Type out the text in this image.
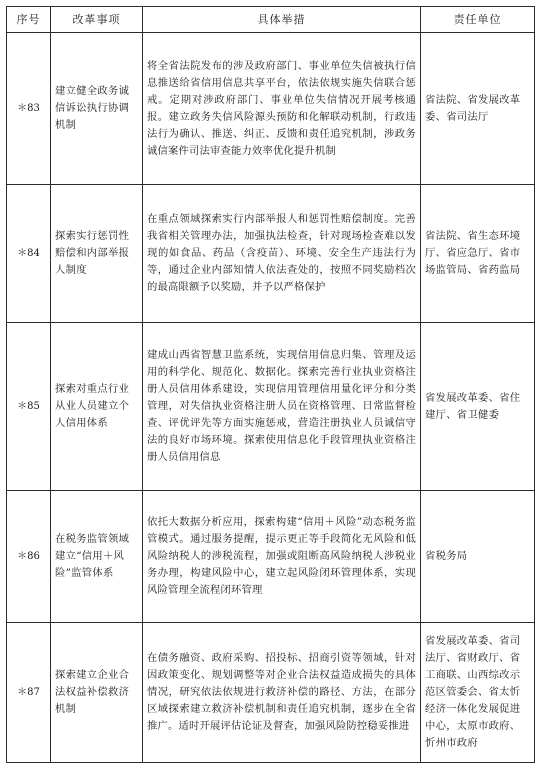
序号	改革事项	具体举措	责任单位
＊83	建立健全政务诚信诉讼执行协调机制	将全省法院发布的涉及政府部门、事业单位失信被执行信息推送给省信用信息共享平台，依法依规实施失信联合惩戒。定期对涉政府部门、事业单位失信情况开展考核通报。建立政务失信风险源头预防和化解联动机制，行政违法行为确认、推送、纠正、反馈和责任追究机制，涉政务诚信案件司法审查能力效率优化提升机制	省法院、省发展改革委、省司法厅
＊84	探索实行惩罚性赔偿和内部举报人制度	在重点领域探索实行内部举报人和惩罚性赔偿制度。完善我省相关管理办法，加强执法检查，针对现场检查难以发现的如食品、药品（含疫苗）、环境、安全生产违法行为等，通过企业内部知情人依法查处的，按照不同奖励档次的最高限额予以奖励，并予以严格保护	省法院、省生态环境厅、省应急厅、省市场监管局、省药监局
＊85	探索对重点行业从业人员建立个人信用体系	建成山西省智慧卫监系统，实现信用信息归集、管理及运用的科学化、规范化、数据化。探索完善行业执业资格注册人员信用体系建设，实现信用管理信用量化评分和分类管理，对失信执业资格注册人员在资格管理、日常监督检查、评优评先等方面实施惩戒，营造注册执业人员诚信守法的良好市场环境。探索使用信息化手段管理执业资格注册人员信用信息	省发展改革委、省住建厅、省卫健委
＊86	在税务监管领域建立“信用＋风险”监管体系	依托大数据分析应用，探索构建“信用＋风险”动态税务监管模式。通过服务提醒，提示更正等手段简化无风险和低风险纳税人的涉税流程，加强或阻断高风险纳税人涉税业务办理，构建风险中心，建立起风险闭环管理体系，实现风险管理全流程闭环管理	省税务局
＊87	探索建立企业合法权益补偿救济机制	在债务融资、政府采购、招投标、招商引资等领域，针对因政策变化、规划调整等对企业合法权益造成损失的具体情况，研究依法依规进行救济补偿的路径、方法，在部分区域探索建立救济补偿机制和责任追究机制，逐步在全省推广。适时开展评估论证及督查，加强风险防控稳妥推进	省发展改革委、省司法厅、省财政厅、省工商联、山西综改示范区管委会、省太忻经济一体化发展促进中心，太原市政府、忻州市政府
